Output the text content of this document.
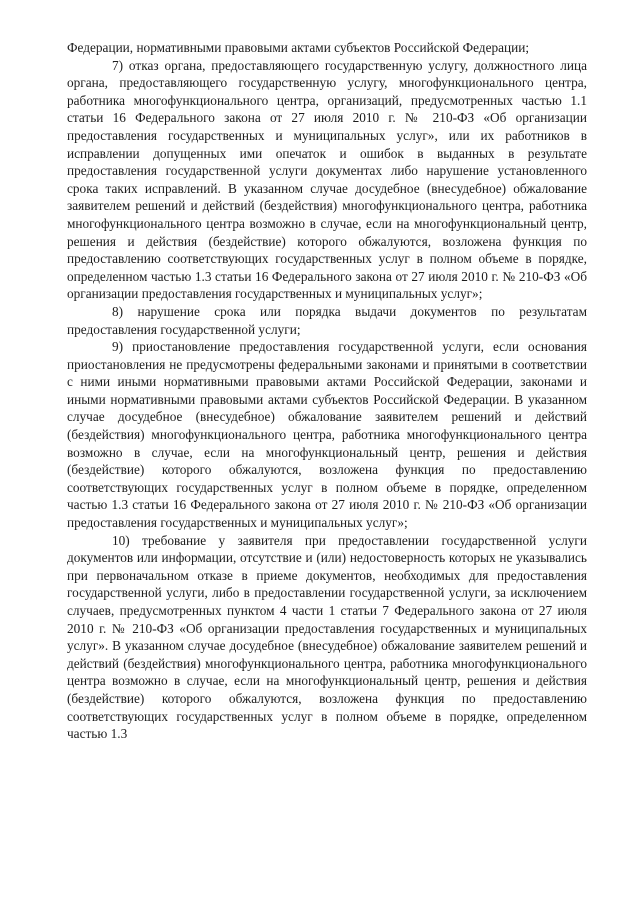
Федерации, нормативными правовыми актами субъектов Российской Федерации;

7) отказ органа, предоставляющего государственную услугу, должностного лица органа, предоставляющего государственную услугу, многофункционального центра, работника многофункционального центра, организаций, предусмотренных частью 1.1 статьи 16 Федерального закона от 27 июля 2010 г. № 210-ФЗ «Об организации предоставления государственных и муниципальных услуг», или их работников в исправлении допущенных ими опечаток и ошибок в выданных в результате предоставления государственной услуги документах либо нарушение установленного срока таких исправлений. В указанном случае досудебное (внесудебное) обжалование заявителем решений и действий (бездействия) многофункционального центра, работника многофункционального центра возможно в случае, если на многофункциональный центр, решения и действия (бездействие) которого обжалуются, возложена функция по предоставлению соответствующих государственных услуг в полном объеме в порядке, определенном частью 1.3 статьи 16 Федерального закона от 27 июля 2010 г. № 210-ФЗ «Об организации предоставления государственных и муниципальных услуг»;

8) нарушение срока или порядка выдачи документов по результатам предоставления государственной услуги;

9) приостановление предоставления государственной услуги, если основания приостановления не предусмотрены федеральными законами и принятыми в соответствии с ними иными нормативными правовыми актами Российской Федерации, законами и иными нормативными правовыми актами субъектов Российской Федерации. В указанном случае досудебное (внесудебное) обжалование заявителем решений и действий (бездействия) многофункционального центра, работника многофункционального центра возможно в случае, если на многофункциональный центр, решения и действия (бездействие) которого обжалуются, возложена функция по предоставлению соответствующих государственных услуг в полном объеме в порядке, определенном частью 1.3 статьи 16 Федерального закона от 27 июля 2010 г. № 210-ФЗ «Об организации предоставления государственных и муниципальных услуг»;

10) требование у заявителя при предоставлении государственной услуги документов или информации, отсутствие и (или) недостоверность которых не указывались при первоначальном отказе в приеме документов, необходимых для предоставления государственной услуги, либо в предоставлении государственной услуги, за исключением случаев, предусмотренных пунктом 4 части 1 статьи 7 Федерального закона от 27 июля 2010 г. № 210-ФЗ «Об организации предоставления государственных и муниципальных услуг». В указанном случае досудебное (внесудебное) обжалование заявителем решений и действий (бездействия) многофункционального центра, работника многофункционального центра возможно в случае, если на многофункциональный центр, решения и действия (бездействие) которого обжалуются, возложена функция по предоставлению соответствующих государственных услуг в полном объеме в порядке, определенном частью 1.3
